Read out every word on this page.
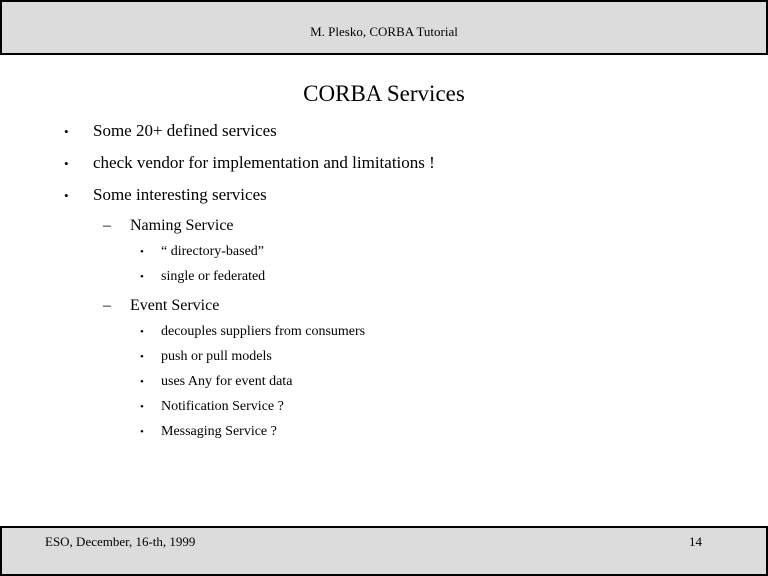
M. Plesko, CORBA Tutorial
CORBA Services
•	Some 20+ defined services
•	check vendor for implementation and limitations !
•	Some interesting services
–	Naming Service
•	“ directory-based”
•	single or federated
–	Event Service
•	decouples suppliers from consumers
•	push or pull models
•	uses Any for event data
•	Notification Service ?
•	Messaging Service ?
ESO, December, 16-th, 1999	14
